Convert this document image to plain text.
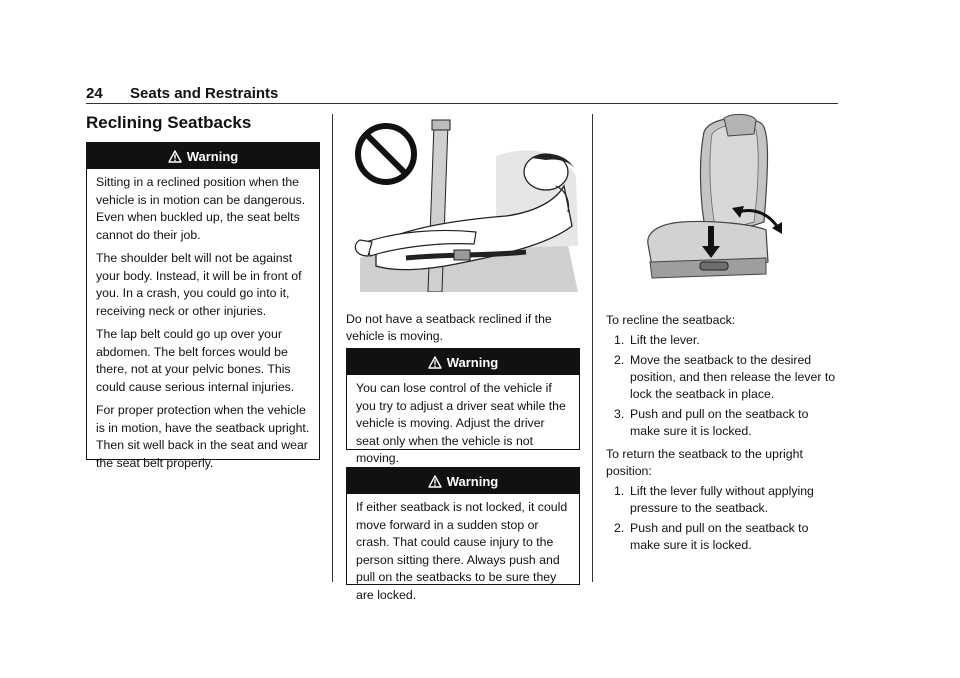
24 Seats and Restraints
Reclining Seatbacks
Warning

Sitting in a reclined position when the vehicle is in motion can be dangerous. Even when buckled up, the seat belts cannot do their job.

The shoulder belt will not be against your body. Instead, it will be in front of you. In a crash, you could go into it, receiving neck or other injuries.

The lap belt could go up over your abdomen. The belt forces would be there, not at your pelvic bones. This could cause serious internal injuries.

For proper protection when the vehicle is in motion, have the seatback upright. Then sit well back in the seat and wear the seat belt properly.

Do not have a seatback reclined if the vehicle is moving.

Warning

You can lose control of the vehicle if you try to adjust a driver seat while the vehicle is moving. Adjust the driver seat only when the vehicle is not moving.

Warning

If either seatback is not locked, it could move forward in a sudden stop or crash. That could cause injury to the person sitting there. Always push and pull on the seatbacks to be sure they are locked.

To recline the seatback:
1. Lift the lever.
2. Move the seatback to the desired position, and then release the lever to lock the seatback in place.
3. Push and pull on the seatback to make sure it is locked.
To return the seatback to the upright position:
1. Lift the lever fully without applying pressure to the seatback.
2. Push and pull on the seatback to make sure it is locked.
